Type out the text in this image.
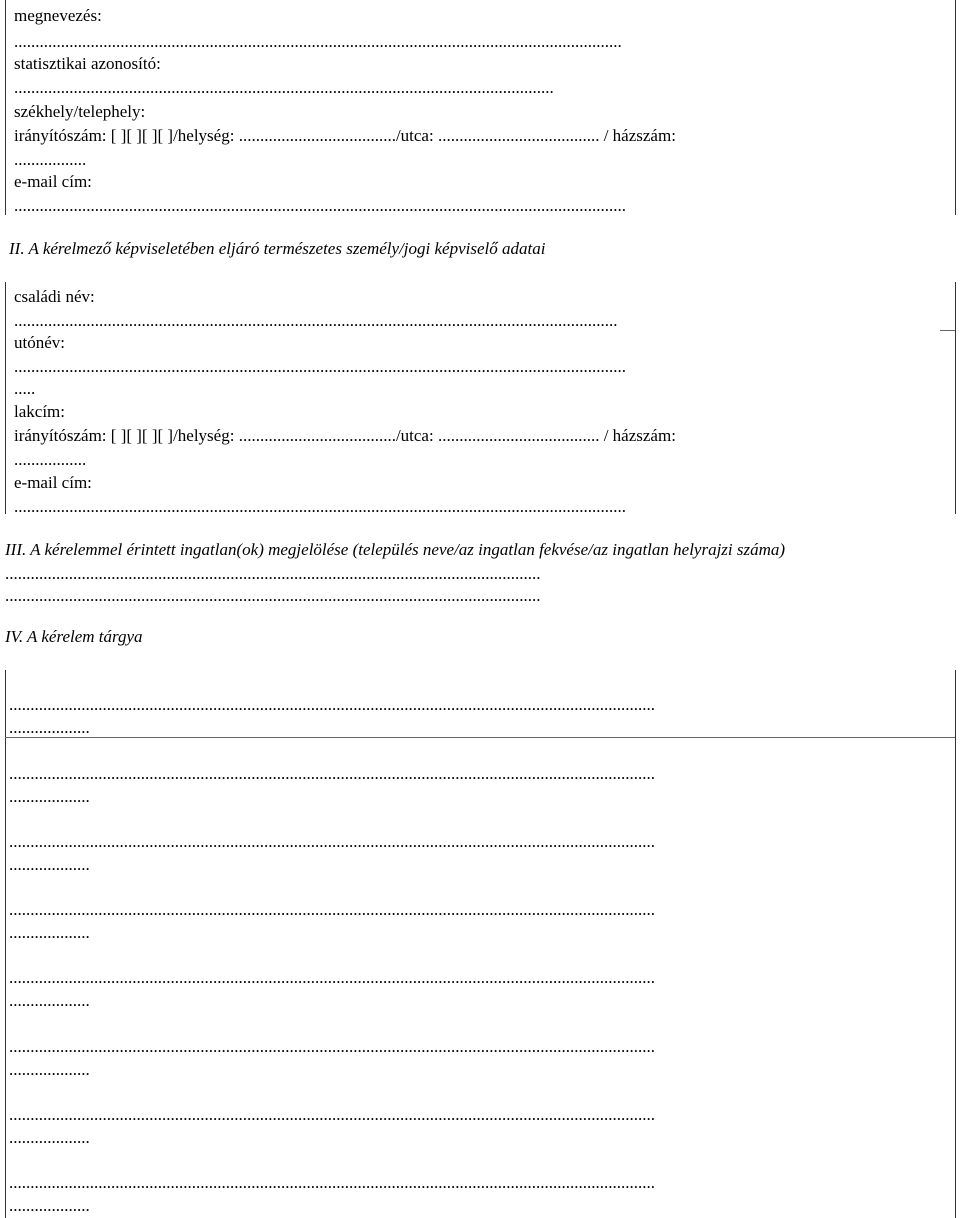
megnevezés:
...............................................................................................................................................
statisztikai azonosító:
...............................................................................................................................
székhely/telephely:
irányítószám: [ ][ ][ ][ ]/helység: ...................................../utca: ...................................... / házszám:
.................
e-mail cím:
................................................................................................................................................
II. A kérelmező képviseletében eljáró természetes személy/jogi képviselő adatai
családi név:
..............................................................................................................................................
utónév:
................................................................................................................................................
.....
lakcím:
irányítószám: [ ][ ][ ][ ]/helység: ...................................../utca: ...................................... / házszám:
.................
e-mail cím:
................................................................................................................................................
III. A kérelemmel érintett ingatlan(ok) megjelölése (település neve/az ingatlan fekvése/az ingatlan helyrajzi száma)
..............................................................................................................................
..............................................................................................................................
IV. A kérelem tárgya
........................................................................................................................................................
...................
........................................................................................................................................................
...................
........................................................................................................................................................
...................
........................................................................................................................................................
...................
........................................................................................................................................................
...................
........................................................................................................................................................
...................
........................................................................................................................................................
...................
........................................................................................................................................................
...................
